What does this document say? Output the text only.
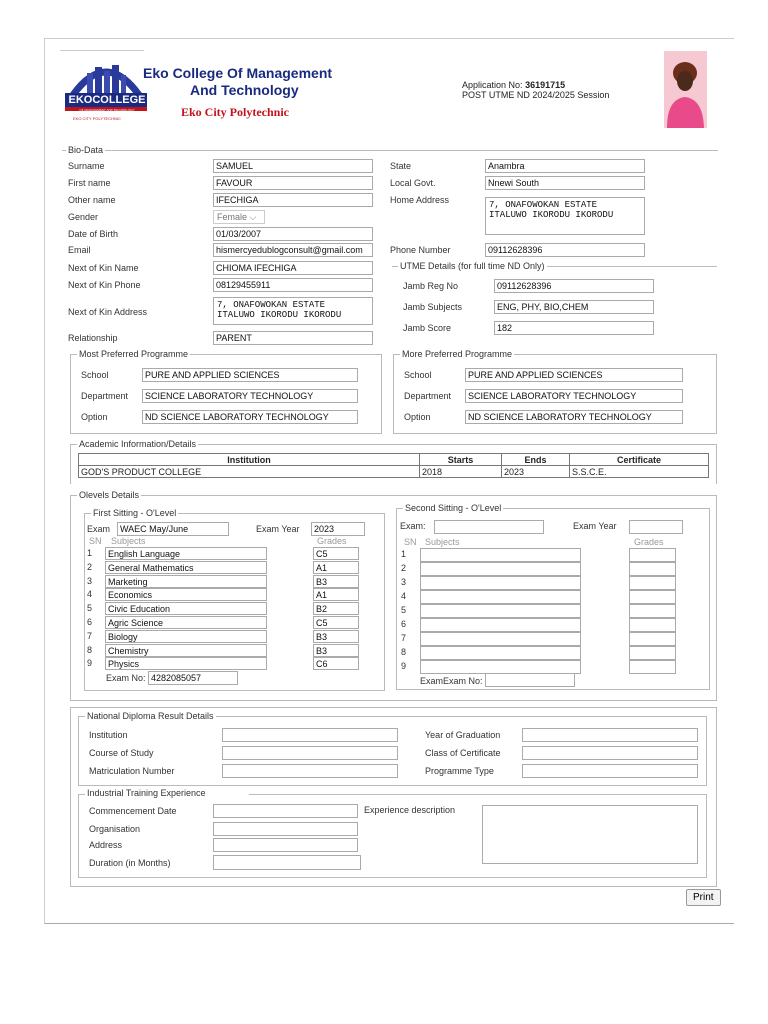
EKOCOLLEGE
OF MANAGEMENT AND TECHNOLOGY
EKO CITY POLYTECHNIC
Eko College Of Management
And Technology
Eko City Polytechnic
Application No: 36191715
POST UTME ND 2024/2025 Session
Bio-Data
Surname	SAMUEL
First name	FAVOUR
Other name	IFECHIGA
Gender	Female ⌵
Date of Birth	01/03/2007
Email	hismercyedublogconsult@gmail.com
Next of Kin Name	CHIOMA IFECHIGA
Next of Kin Phone	08129455911
Next of Kin Address
7, ONAFOWOKAN ESTATE
ITALUWO IKORODU IKORODU
Relationship	PARENT
State	Anambra
Local Govt.	Nnewi South
Home Address	7, ONAFOWOKAN ESTATE
ITALUWO IKORODU IKORODU
Phone Number	09112628396
UTME Details (for full time ND Only)
Jamb Reg No	09112628396
Jamb Subjects	ENG, PHY, BIO,CHEM
Jamb Score	182
Most Preferred Programme
School	PURE AND APPLIED SCIENCES
Department	SCIENCE LABORATORY TECHNOLOGY
Option	ND SCIENCE LABORATORY TECHNOLOGY
More Preferred Programme
School	PURE AND APPLIED SCIENCES
Department	SCIENCE LABORATORY TECHNOLOGY
Option	ND SCIENCE LABORATORY TECHNOLOGY
Academic Information/Details
Institution	Starts	Ends	Certificate
GOD'S PRODUCT COLLEGE	2018	2023	S.S.C.E.
Olevels Details
First Sitting - O'Level
Exam	WAEC May/June	Exam Year	2023
SN Subjects	Grades
1	English Language	C5
2	General Mathematics	A1
3	Marketing	B3
4	Economics	A1
5	Civic Education	B2
6	Agric Science	C5
7	Biology	B3
8	Chemistry	B3
9	Physics	C6
Exam No: 4282085057
Second Sitting - O'Level
Exam:	Exam Year
SN Subjects	Grades
1
2
3
4
5
6
7
8
9
ExamExam No:
National Diploma Result Details
Institution
Course of Study
Matriculation Number
Year of Graduation
Class of Certificate
Programme Type
Industrial Training Experience
Commencement Date
Organisation
Address
Duration (in Months)
Experience description
Print
